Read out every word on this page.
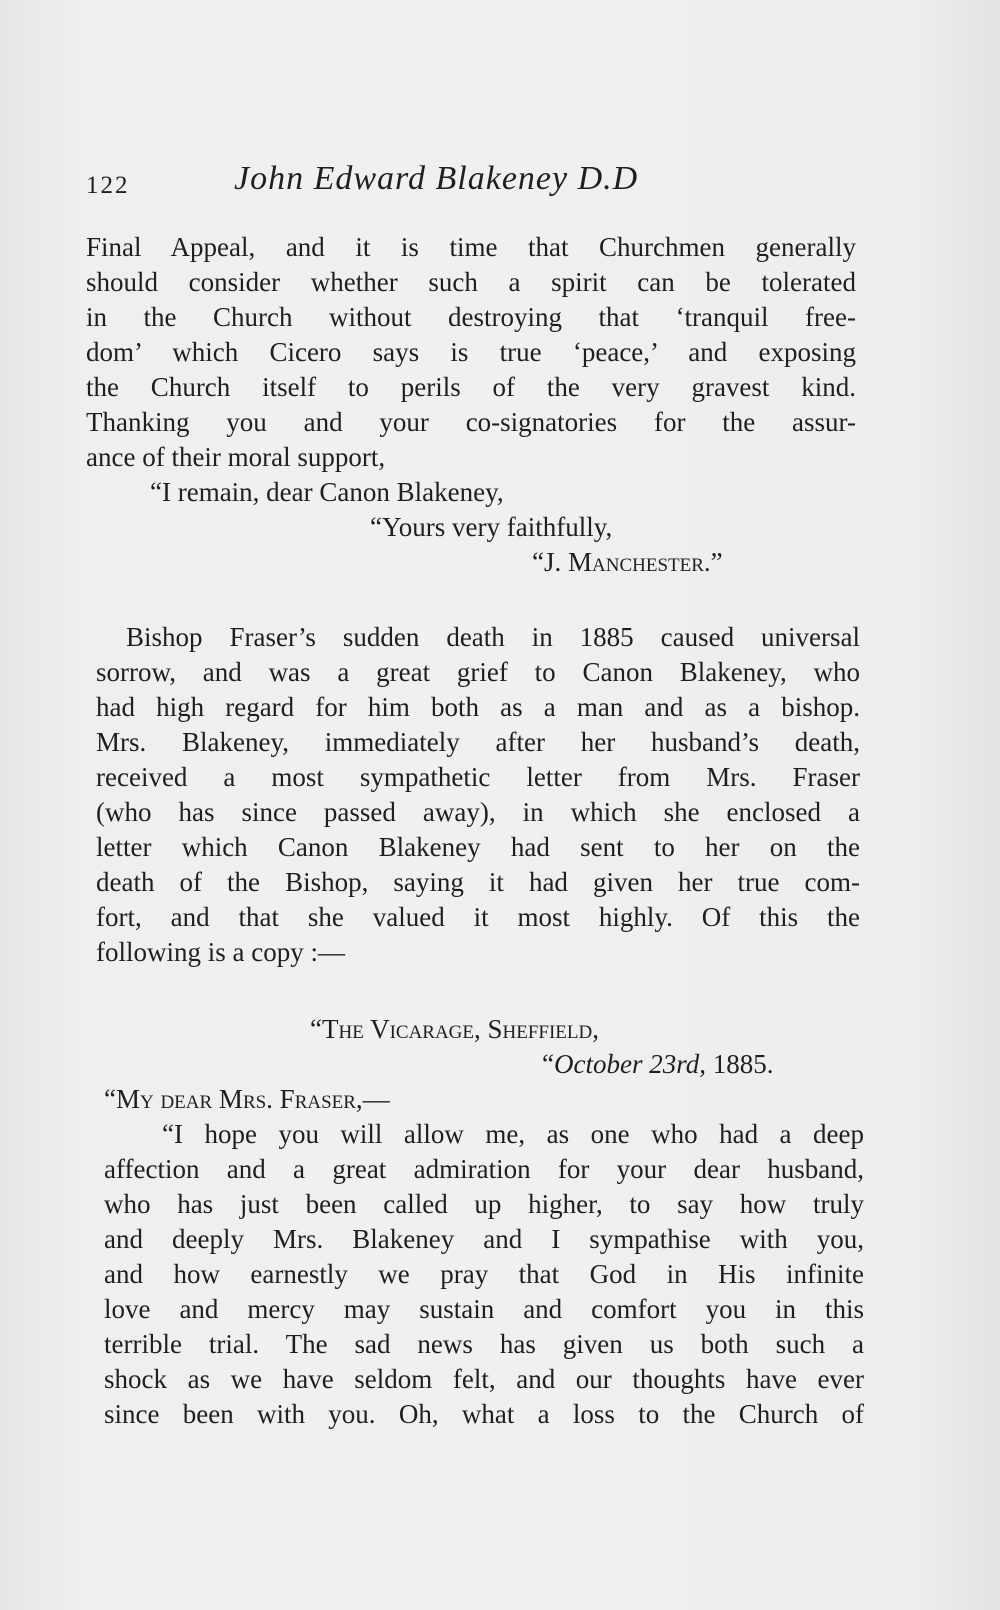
122	John Edward Blakeney D.D
Final Appeal, and it is time that Churchmen generally
should consider whether such a spirit can be tolerated
in the Church without destroying that ‘tranquil free-
dom’ which Cicero says is true ‘peace,’ and exposing
the Church itself to perils of the very gravest kind.
Thanking you and your co-signatories for the assur-
ance of their moral support,
“I remain, dear Canon Blakeney,
“Yours very faithfully,
“J. Manchester.”
Bishop Fraser’s sudden death in 1885 caused universal
sorrow, and was a great grief to Canon Blakeney, who
had high regard for him both as a man and as a bishop.
Mrs. Blakeney, immediately after her husband’s death,
received a most sympathetic letter from Mrs. Fraser
(who has since passed away), in which she enclosed a
letter which Canon Blakeney had sent to her on the
death of the Bishop, saying it had given her true com-
fort, and that she valued it most highly. Of this the
following is a copy :—
“The Vicarage, Sheffield,
“October 23rd, 1885.
“My dear Mrs. Fraser,—
“I hope you will allow me, as one who had a deep
affection and a great admiration for your dear husband,
who has just been called up higher, to say how truly
and deeply Mrs. Blakeney and I sympathise with you,
and how earnestly we pray that God in His infinite
love and mercy may sustain and comfort you in this
terrible trial. The sad news has given us both such a
shock as we have seldom felt, and our thoughts have ever
since been with you. Oh, what a loss to the Church of
